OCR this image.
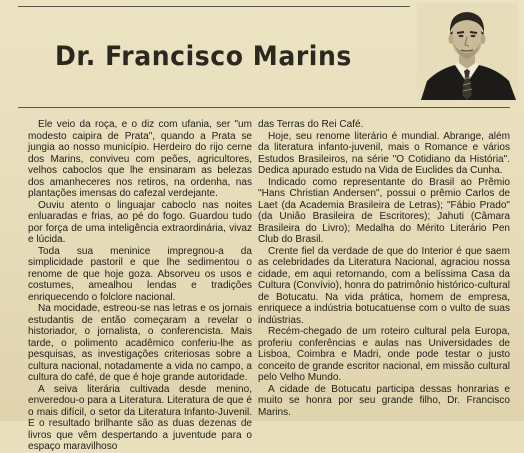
Dr. Francisco Marins

Ele veio da roça, e o diz com ufania, ser "um modesto caipira de Prata", quando a Prata se jungia ao nosso município. Herdeiro do rijo cerne dos Marins, conviveu com peões, agricultores, velhos caboclos que lhe ensinaram as belezas dos amanheceres nos retiros, na ordenha, nas plantações imensas do cafezal verdejante.

Ouviu atento o linguajar caboclo nas noites enluaradas e frias, ao pé do fogo. Guardou tudo por força de uma inteligência extraordinária, vivaz e lúcida.

Toda sua meninice impregnou-a da simplicidade pastoril e que lhe sedimentou o renome de que hoje goza. Absorveu os usos e costumes, amealhou lendas e tradições enriquecendo o folclore nacional.

Na mocidade, estreou-se nas letras e os jornais estudantis de então começaram a revelar o historiador, o jornalista, o conferencista. Mais tarde, o polimento acadêmico conferiu-lhe as pesquisas, as investigações criteriosas sobre a cultura nacional, notadamente a vida no campo, a cultura do café, de que é hoje grande autoridade.

A seiva literária cultivada desde menino, enveredou-o para a Literatura. Literatura de que é o mais difícil, o setor da Literatura Infanto-Juvenil. E o resultado brilhante são as duas dezenas de livros que vêm despertando a juventude para o espaço maravilhoso

das Terras do Rei Café.

Hoje, seu renome literário é mundial. Abrange, além da literatura infanto-juvenil, mais o Romance e vários Estudos Brasileiros, na série "O Cotidiano da História". Dedica apurado estudo na Vida de Euclides da Cunha.

Indicado como representante do Brasil ao Prêmio "Hans Christian Andersen", possui o prêmio Carlos de Laet (da Academia Brasileira de Letras); "Fábio Prado" (da União Brasileira de Escritores); Jahuti (Câmara Brasileira do Livro); Medalha do Mérito Literário Pen Club do Brasil.

Crente fiel da verdade de que do Interior é que saem as celebridades da Literatura Nacional, agraciou nossa cidade, em aqui retornando, com a belíssima Casa da Cultura (Convívio), honra do patrimônio histórico-cultural de Botucatu. Na vida prática, homem de empresa, enriquece a indústria botucatuense com o vulto de suas indústrias.

Recém-chegado de um roteiro cultural pela Europa, proferiu conferências e aulas nas Universidades de Lisboa, Coimbra e Madri, onde pode testar o justo conceito de grande escritor nacional, em missão cultural pelo Velho Mundo.

A cidade de Botucatu participa dessas honrarias e muito se honra por seu grande filho, Dr. Francisco Marins.
